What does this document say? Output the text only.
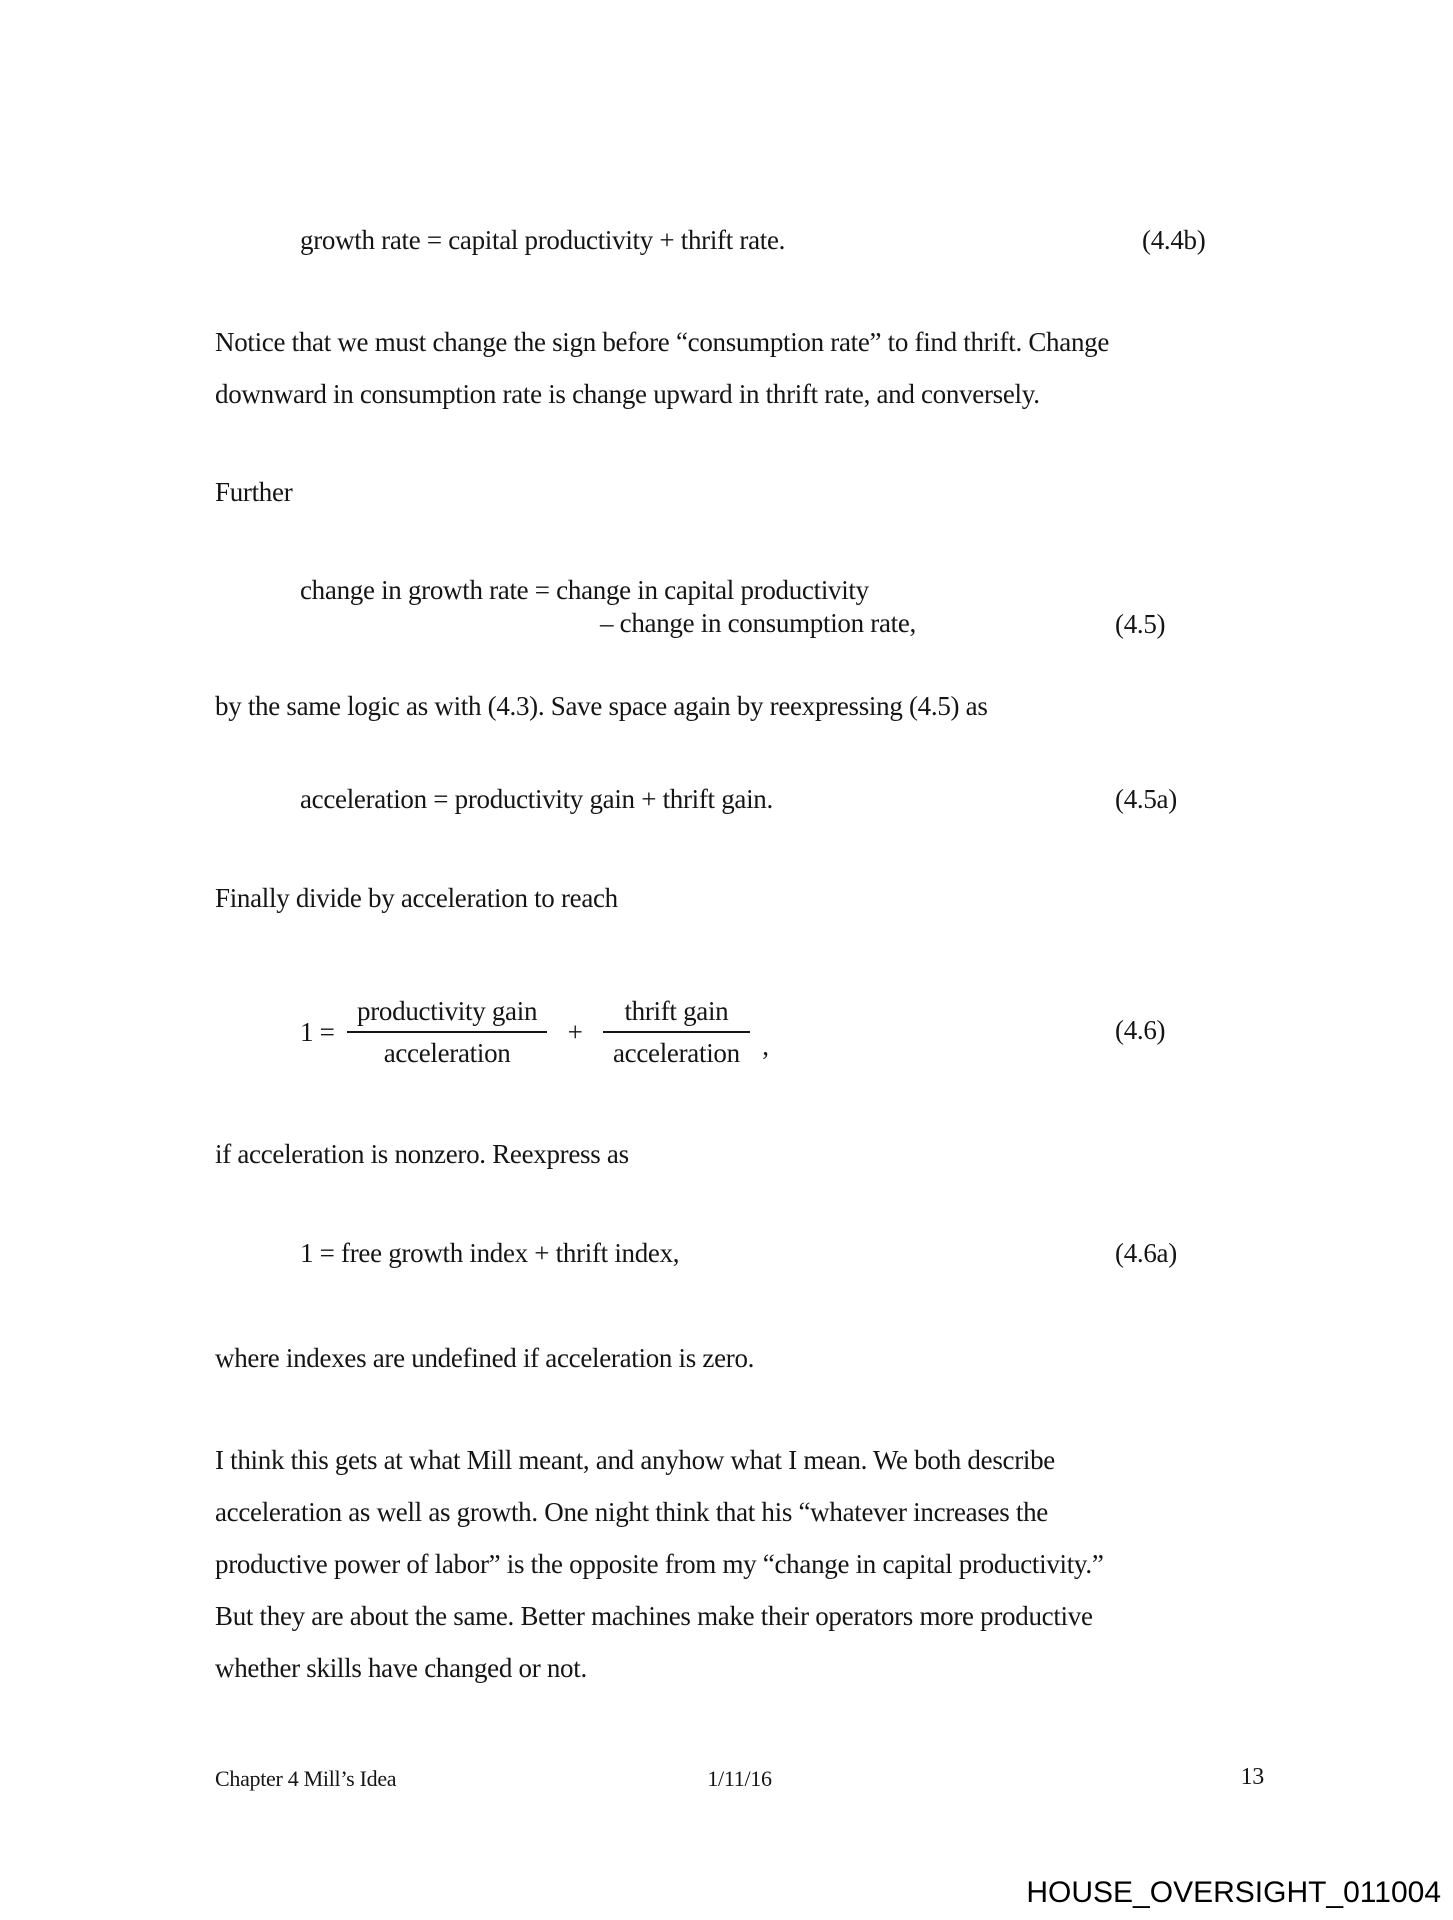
growth rate = capital productivity + thrift rate.	(4.4b)
Notice that we must change the sign before “consumption rate” to find thrift. Change
downward in consumption rate is change upward in thrift rate, and conversely.
Further
change in growth rate = change in capital productivity
– change in consumption rate,	(4.5)
by the same logic as with (4.3). Save space again by reexpressing (4.5) as
acceleration = productivity gain + thrift gain.	(4.5a)
Finally divide by acceleration to reach
$1 = \frac{\text{productivity gain}}{\text{acceleration}} + \frac{\text{thrift gain}}{\text{acceleration}}$ ,
(4.6)
if acceleration is nonzero. Reexpress as
1 = free growth index + thrift index,	(4.6a)
where indexes are undefined if acceleration is zero.
I think this gets at what Mill meant, and anyhow what I mean. We both describe
acceleration as well as growth. One night think that his “whatever increases the
productive power of labor” is the opposite from my “change in capital productivity.”
But they are about the same. Better machines make their operators more productive
whether skills have changed or not.
Chapter 4 Mill’s Idea	1/11/16	13
HOUSE_OVERSIGHT_011004
